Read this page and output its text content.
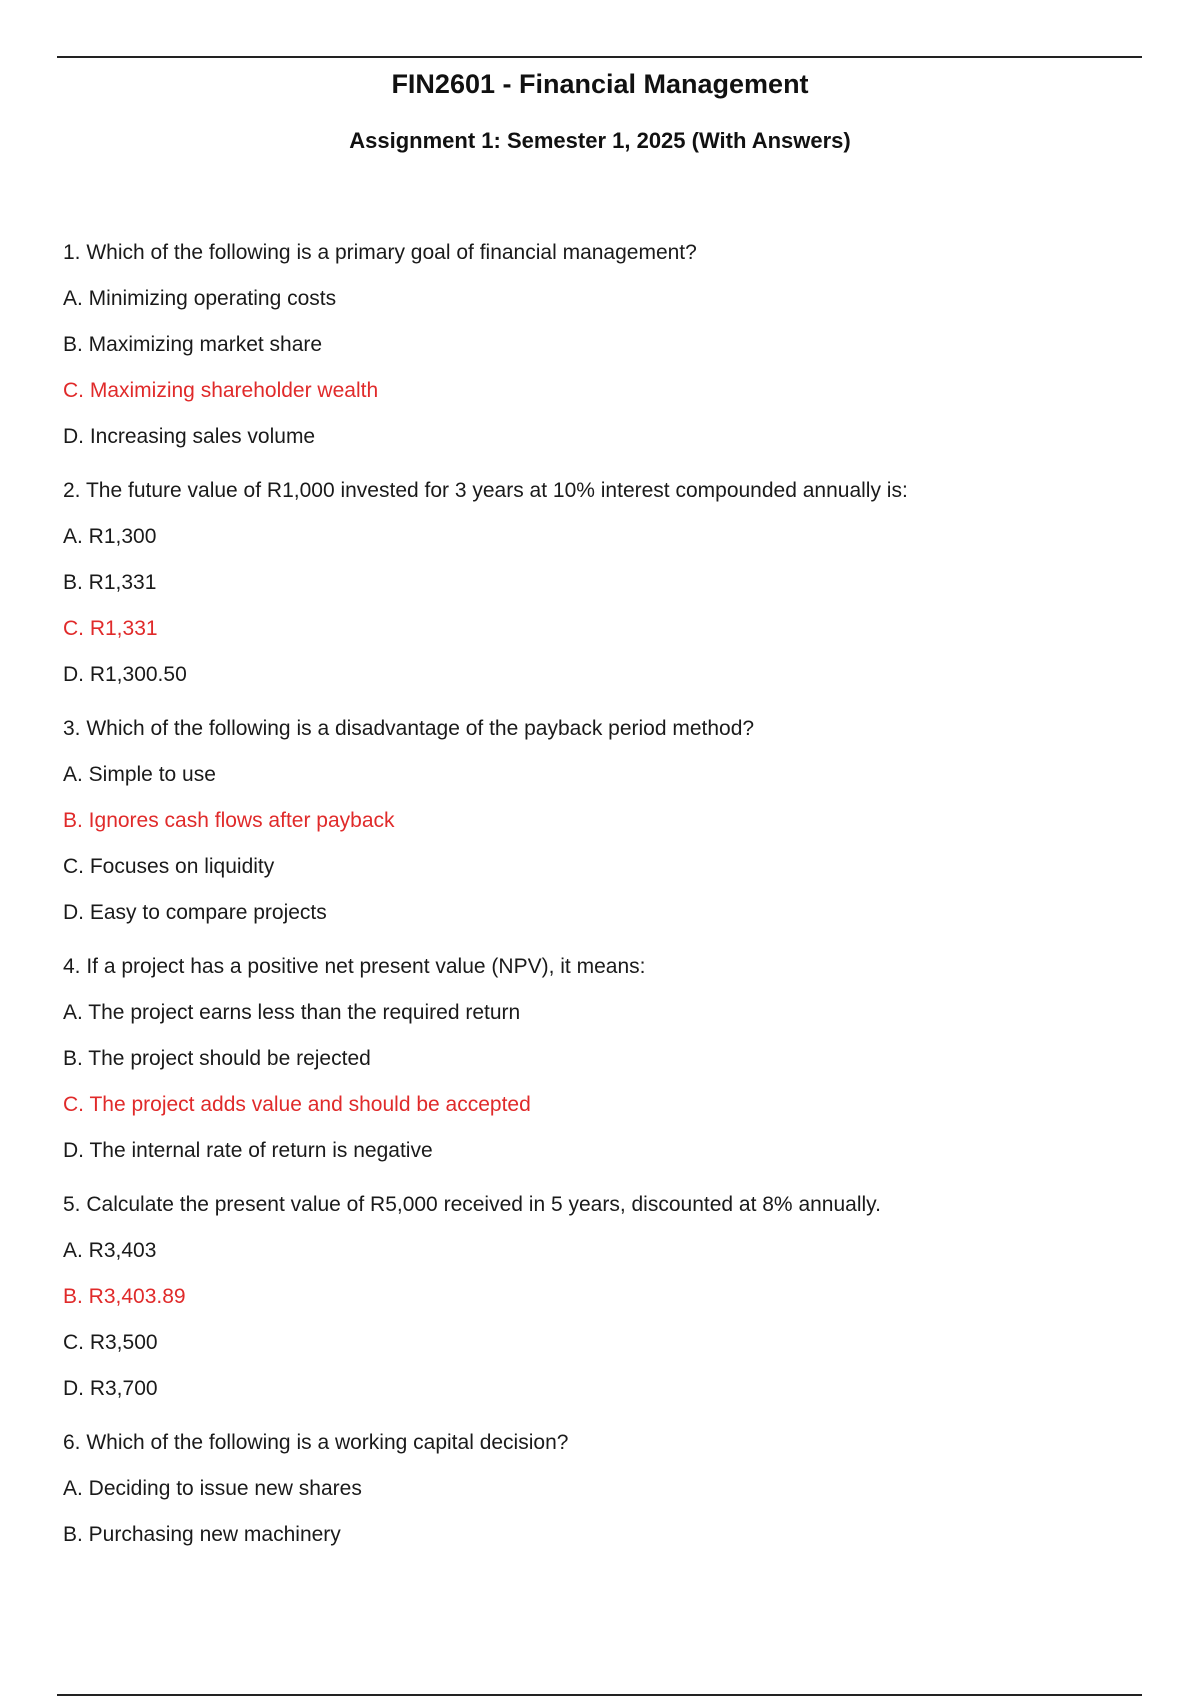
FIN2601 - Financial Management
Assignment 1: Semester 1, 2025 (With Answers)
1. Which of the following is a primary goal of financial management?
A. Minimizing operating costs
B. Maximizing market share
C. Maximizing shareholder wealth
D. Increasing sales volume
2. The future value of R1,000 invested for 3 years at 10% interest compounded annually is:
A. R1,300
B. R1,331
C. R1,331
D. R1,300.50
3. Which of the following is a disadvantage of the payback period method?
A. Simple to use
B. Ignores cash flows after payback
C. Focuses on liquidity
D. Easy to compare projects
4. If a project has a positive net present value (NPV), it means:
A. The project earns less than the required return
B. The project should be rejected
C. The project adds value and should be accepted
D. The internal rate of return is negative
5. Calculate the present value of R5,000 received in 5 years, discounted at 8% annually.
A. R3,403
B. R3,403.89
C. R3,500
D. R3,700
6. Which of the following is a working capital decision?
A. Deciding to issue new shares
B. Purchasing new machinery
